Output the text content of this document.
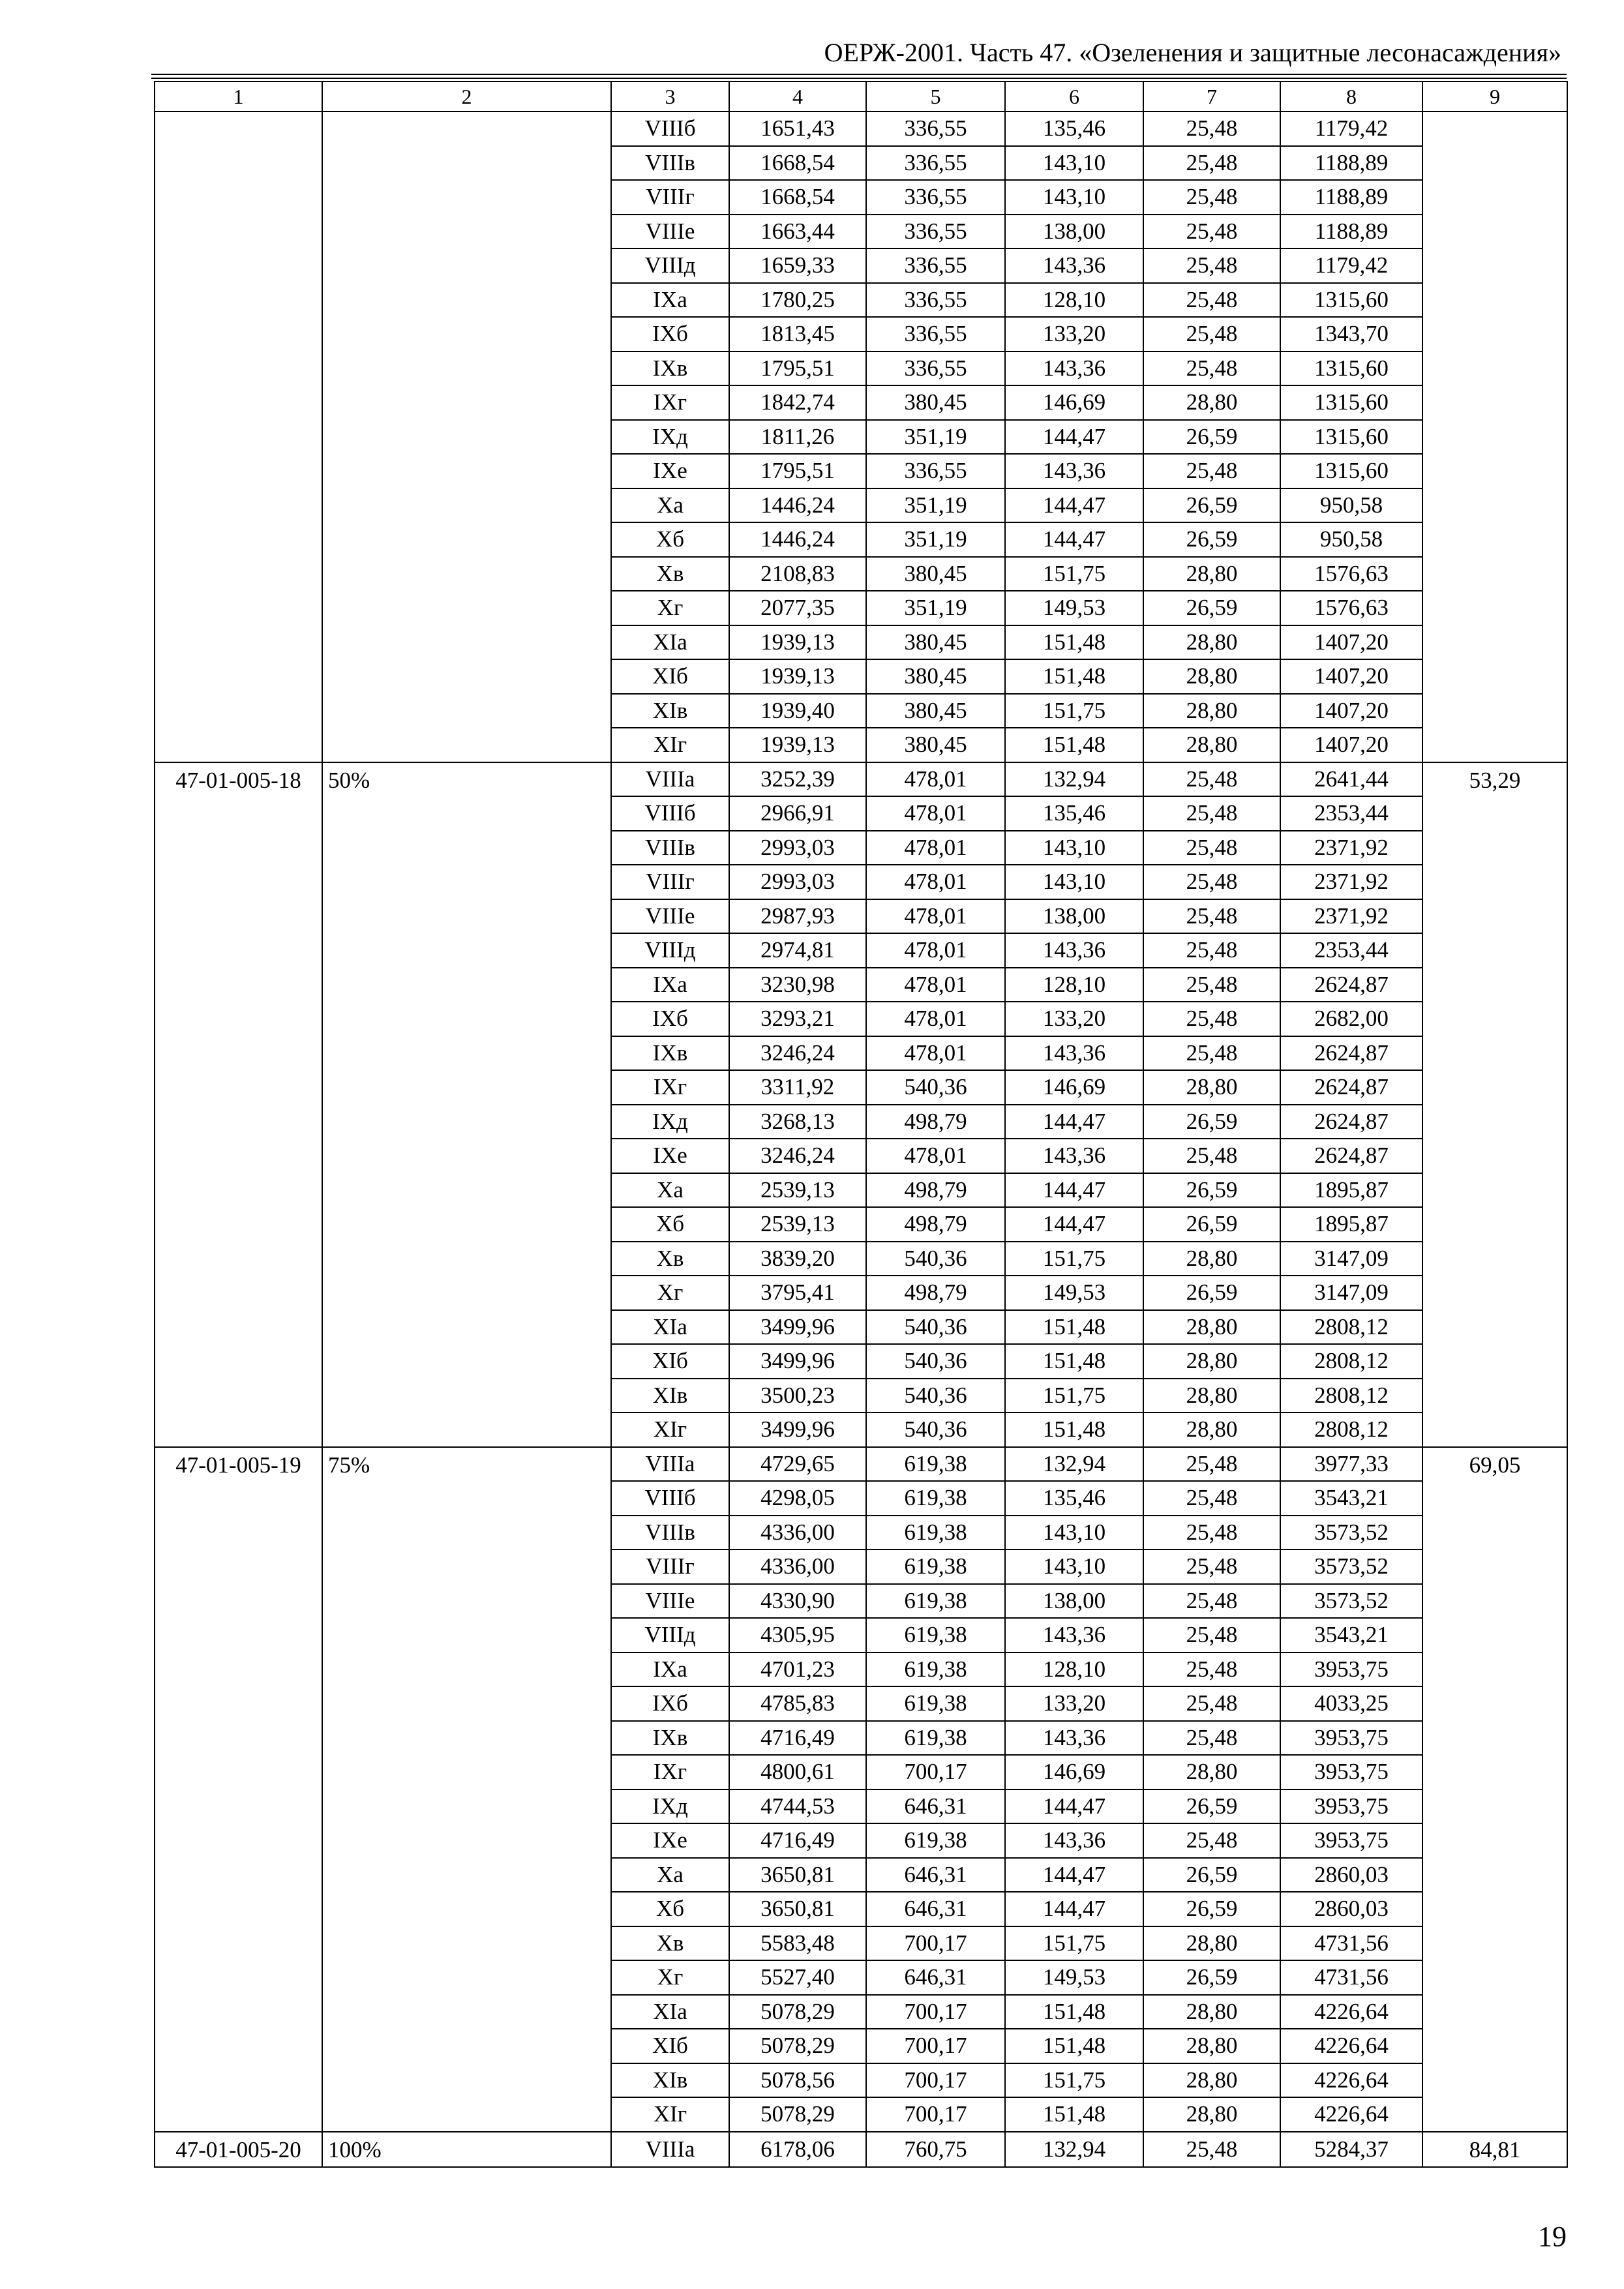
ОЕРЖ-2001. Часть 47. «Озеленения и защитные лесонасаждения»
1	2	3	4	5	6	7	8	9
		VIIIб	1651,43	336,55	135,46	25,48	1179,42	
		VIIIв	1668,54	336,55	143,10	25,48	1188,89	
		VIIIг	1668,54	336,55	143,10	25,48	1188,89	
		VIIIе	1663,44	336,55	138,00	25,48	1188,89	
		VIIIд	1659,33	336,55	143,36	25,48	1179,42	
		IXа	1780,25	336,55	128,10	25,48	1315,60	
		IXб	1813,45	336,55	133,20	25,48	1343,70	
		IXв	1795,51	336,55	143,36	25,48	1315,60	
		IXг	1842,74	380,45	146,69	28,80	1315,60	
		IXд	1811,26	351,19	144,47	26,59	1315,60	
		IXе	1795,51	336,55	143,36	25,48	1315,60	
		Xа	1446,24	351,19	144,47	26,59	950,58	
		Xб	1446,24	351,19	144,47	26,59	950,58	
		Xв	2108,83	380,45	151,75	28,80	1576,63	
		Xг	2077,35	351,19	149,53	26,59	1576,63	
		XIа	1939,13	380,45	151,48	28,80	1407,20	
		XIб	1939,13	380,45	151,48	28,80	1407,20	
		XIв	1939,40	380,45	151,75	28,80	1407,20	
		XIг	1939,13	380,45	151,48	28,80	1407,20	
47-01-005-18	50%	VIIIа	3252,39	478,01	132,94	25,48	2641,44	53,29
		VIIIб	2966,91	478,01	135,46	25,48	2353,44	
		VIIIв	2993,03	478,01	143,10	25,48	2371,92	
		VIIIг	2993,03	478,01	143,10	25,48	2371,92	
		VIIIе	2987,93	478,01	138,00	25,48	2371,92	
		VIIIд	2974,81	478,01	143,36	25,48	2353,44	
		IXа	3230,98	478,01	128,10	25,48	2624,87	
		IXб	3293,21	478,01	133,20	25,48	2682,00	
		IXв	3246,24	478,01	143,36	25,48	2624,87	
		IXг	3311,92	540,36	146,69	28,80	2624,87	
		IXд	3268,13	498,79	144,47	26,59	2624,87	
		IXе	3246,24	478,01	143,36	25,48	2624,87	
		Xа	2539,13	498,79	144,47	26,59	1895,87	
		Xб	2539,13	498,79	144,47	26,59	1895,87	
		Xв	3839,20	540,36	151,75	28,80	3147,09	
		Xг	3795,41	498,79	149,53	26,59	3147,09	
		XIа	3499,96	540,36	151,48	28,80	2808,12	
		XIб	3499,96	540,36	151,48	28,80	2808,12	
		XIв	3500,23	540,36	151,75	28,80	2808,12	
		XIг	3499,96	540,36	151,48	28,80	2808,12	
47-01-005-19	75%	VIIIа	4729,65	619,38	132,94	25,48	3977,33	69,05
		VIIIб	4298,05	619,38	135,46	25,48	3543,21	
		VIIIв	4336,00	619,38	143,10	25,48	3573,52	
		VIIIг	4336,00	619,38	143,10	25,48	3573,52	
		VIIIе	4330,90	619,38	138,00	25,48	3573,52	
		VIIIд	4305,95	619,38	143,36	25,48	3543,21	
		IXа	4701,23	619,38	128,10	25,48	3953,75	
		IXб	4785,83	619,38	133,20	25,48	4033,25	
		IXв	4716,49	619,38	143,36	25,48	3953,75	
		IXг	4800,61	700,17	146,69	28,80	3953,75	
		IXд	4744,53	646,31	144,47	26,59	3953,75	
		IXе	4716,49	619,38	143,36	25,48	3953,75	
		Xа	3650,81	646,31	144,47	26,59	2860,03	
		Xб	3650,81	646,31	144,47	26,59	2860,03	
		Xв	5583,48	700,17	151,75	28,80	4731,56	
		Xг	5527,40	646,31	149,53	26,59	4731,56	
		XIа	5078,29	700,17	151,48	28,80	4226,64	
		XIб	5078,29	700,17	151,48	28,80	4226,64	
		XIв	5078,56	700,17	151,75	28,80	4226,64	
		XIг	5078,29	700,17	151,48	28,80	4226,64	
47-01-005-20	100%	VIIIа	6178,06	760,75	132,94	25,48	5284,37	84,81
19
